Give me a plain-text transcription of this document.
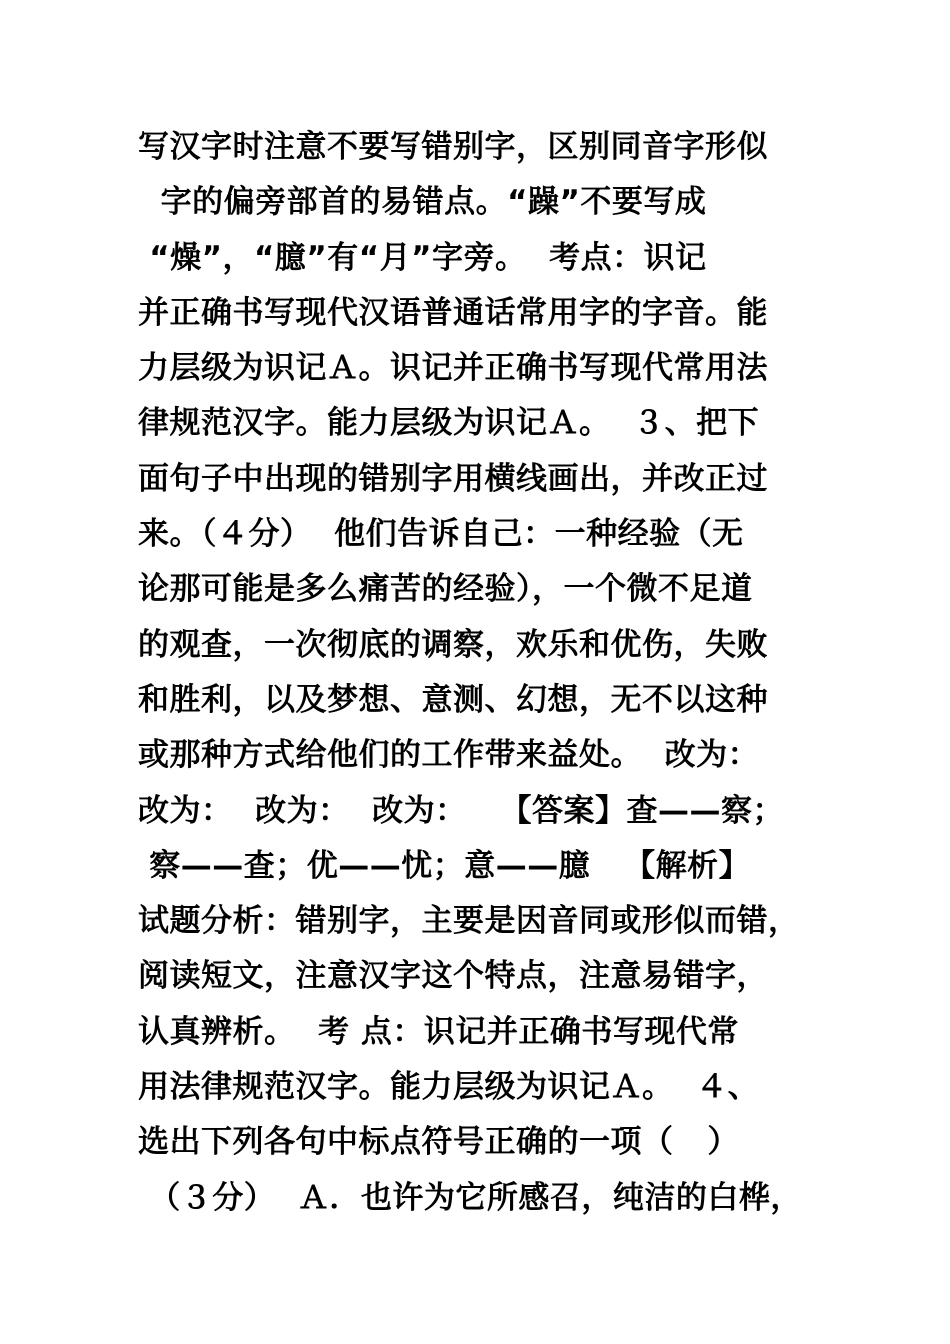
写汉字时注意不要写错别字，区别同音字形似
字的偏旁部首的易错点。“躁”不要写成
“燥”，“臆”有“月”字旁。  考点：识记
并正确书写现代汉语普通话常用字的字音。能
力层级为识记Ａ。识记并正确书写现代常用法
律规范汉字。能力层级为识记Ａ。  ３、把下
面句子中出现的错别字用横线画出，并改正过
来。（４分）  他们告诉自己：一种经验（无
论那可能是多么痛苦的经验），一个微不足道
的观查，一次彻底的调察，欢乐和优伤，失败
和胜利，以及梦想、意测、幻想，无不以这种
或那种方式给他们的工作带来益处。  改为：
改为：  改为：  改为：   【答案】查——察；
察——查；优——忧；意——臆   【解析】
试题分析：错别字，主要是因音同或形似而错，
阅读短文，注意汉字这个特点，注意易错字，
认真辨析。  考 点：识记并正确书写现代常
用法律规范汉字。能力层级为识记Ａ。  ４、
选出下列各句中标点符号正确的一项（   ）
（３分）  Ａ．也许为它所感召，纯洁的白桦，
